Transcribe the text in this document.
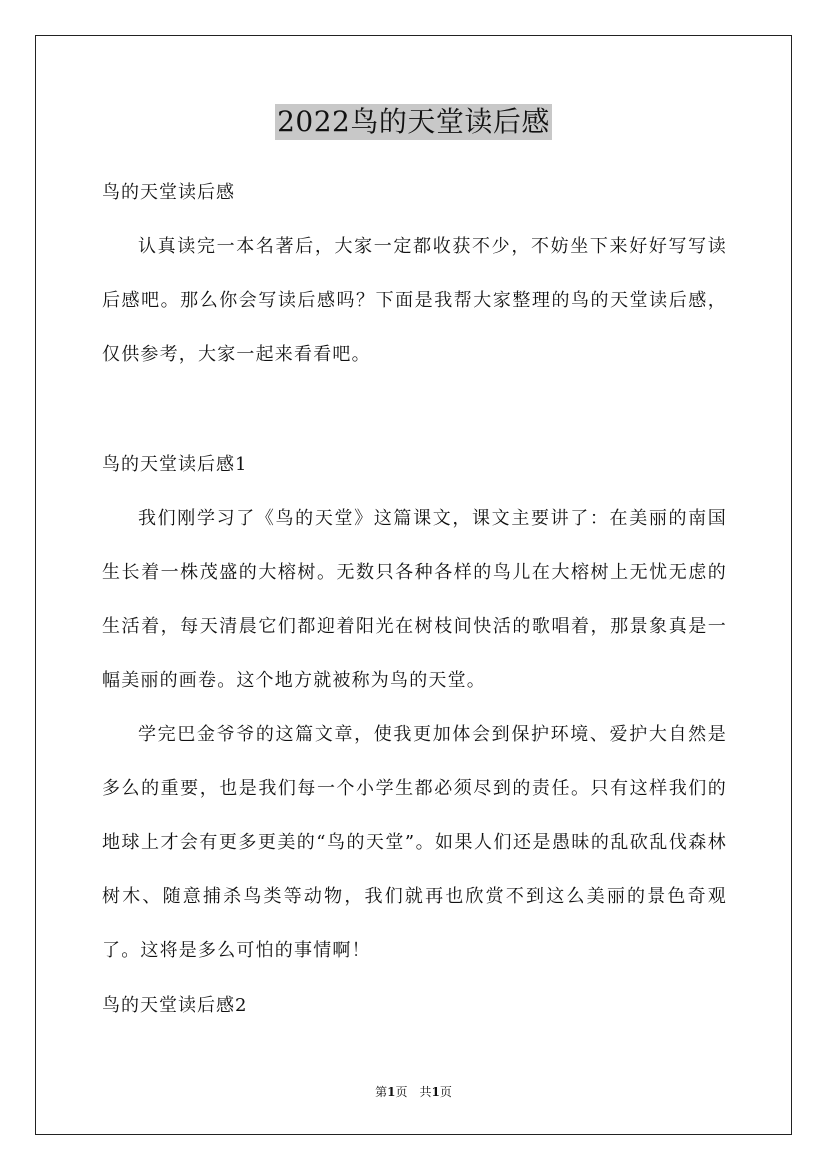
2022鸟的天堂读后感
鸟的天堂读后感
认真读完一本名著后，大家一定都收获不少，不妨坐下来好好写写读后感吧。那么你会写读后感吗？下面是我帮大家整理的鸟的天堂读后感，仅供参考，大家一起来看看吧。
鸟的天堂读后感1
我们刚学习了《鸟的天堂》这篇课文，课文主要讲了：在美丽的南国生长着一株茂盛的大榕树。无数只各种各样的鸟儿在大榕树上无忧无虑的生活着，每天清晨它们都迎着阳光在树枝间快活的歌唱着，那景象真是一幅美丽的画卷。这个地方就被称为鸟的天堂。
学完巴金爷爷的这篇文章，使我更加体会到保护环境、爱护大自然是多么的重要，也是我们每一个小学生都必须尽到的责任。只有这样我们的地球上才会有更多更美的“鸟的天堂”。如果人们还是愚昧的乱砍乱伐森林树木、随意捕杀鸟类等动物，我们就再也欣赏不到这么美丽的景色奇观了。这将是多么可怕的事情啊！
鸟的天堂读后感2
第1页　共1页
